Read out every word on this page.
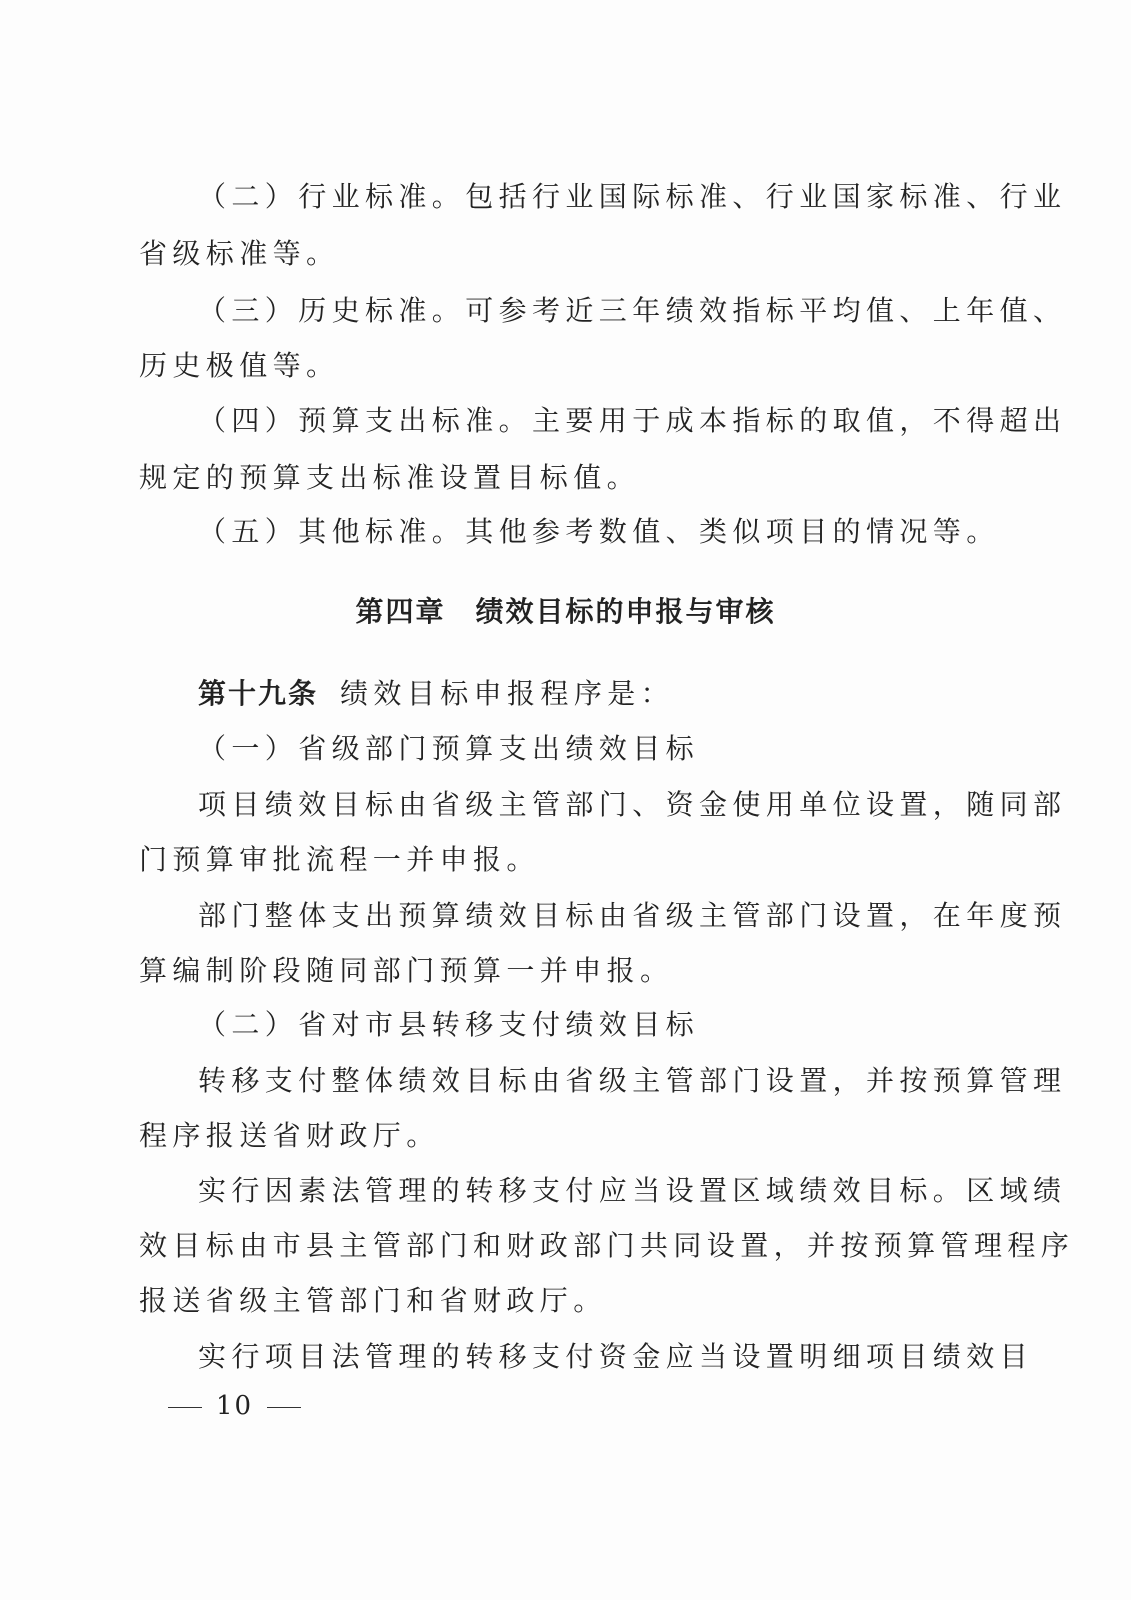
（二）行业标准。包括行业国际标准、行业国家标准、行业
省级标准等。
（三）历史标准。可参考近三年绩效指标平均值、上年值、
历史极值等。
（四）预算支出标准。主要用于成本指标的取值，不得超出
规定的预算支出标准设置目标值。
（五）其他标准。其他参考数值、类似项目的情况等。
第四章 绩效目标的申报与审核
第十九条 绩效目标申报程序是：
（一）省级部门预算支出绩效目标
项目绩效目标由省级主管部门、资金使用单位设置，随同部
门预算审批流程一并申报。
部门整体支出预算绩效目标由省级主管部门设置，在年度预
算编制阶段随同部门预算一并申报。
（二）省对市县转移支付绩效目标
转移支付整体绩效目标由省级主管部门设置，并按预算管理
程序报送省财政厅。
实行因素法管理的转移支付应当设置区域绩效目标。区域绩
效目标由市县主管部门和财政部门共同设置，并按预算管理程序
报送省级主管部门和省财政厅。
实行项目法管理的转移支付资金应当设置明细项目绩效目
10
